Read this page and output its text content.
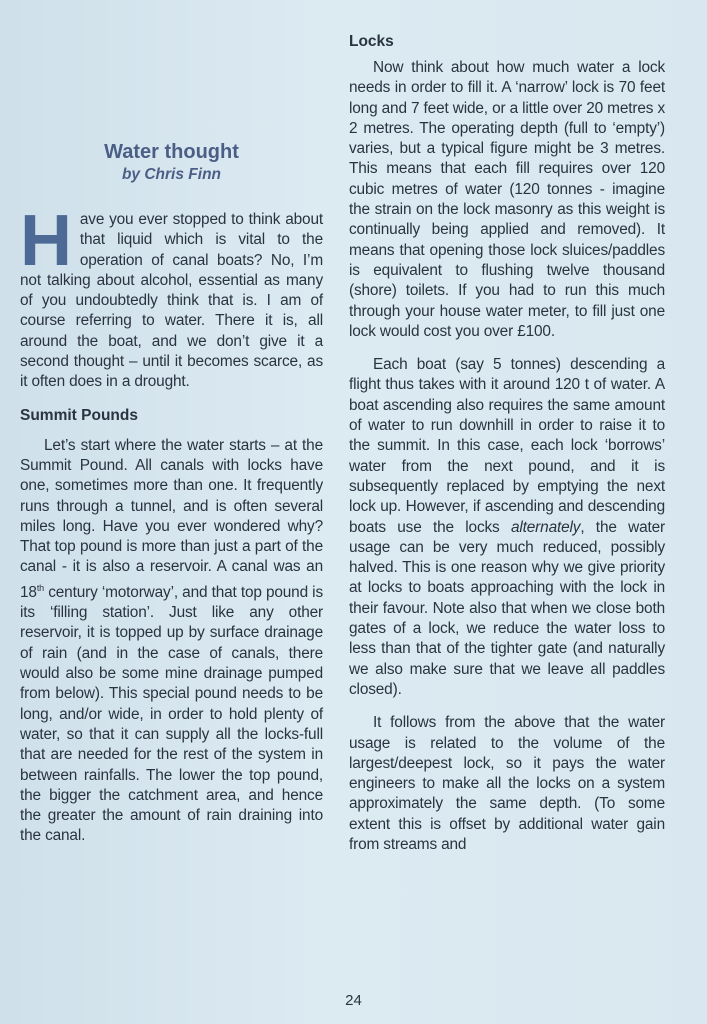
Water thought
by Chris Finn

Have you ever stopped to think about that liquid which is vital to the operation of canal boats? No, I’m not talking about alcohol, essential as many of you undoubtedly think that is. I am of course referring to water. There it is, all around the boat, and we don’t give it a second thought – until it becomes scarce, as it often does in a drought.

Summit Pounds

Let’s start where the water starts – at the Summit Pound. All canals with locks have one, sometimes more than one. It frequently runs through a tunnel, and is often several miles long. Have you ever wondered why? That top pound is more than just a part of the canal - it is also a reservoir. A canal was an 18th century ‘motorway’, and that top pound is its ‘filling station’. Just like any other reservoir, it is topped up by surface drainage of rain (and in the case of canals, there would also be some mine drainage pumped from below). This special pound needs to be long, and/or wide, in order to hold plenty of water, so that it can supply all the locks-full that are needed for the rest of the system in between rainfalls. The lower the top pound, the bigger the catchment area, and hence the greater the amount of rain draining into the canal.

Locks

Now think about how much water a lock needs in order to fill it. A ‘narrow’ lock is 70 feet long and 7 feet wide, or a little over 20 metres x 2 metres. The operating depth (full to ‘empty’) varies, but a typical figure might be 3 metres. This means that each fill requires over 120 cubic metres of water (120 tonnes - imagine the strain on the lock masonry as this weight is continually being applied and removed). It means that opening those lock sluices/paddles is equivalent to flushing twelve thousand (shore) toilets. If you had to run this much through your house water meter, to fill just one lock would cost you over £100.

Each boat (say 5 tonnes) descending a flight thus takes with it around 120 t of water. A boat ascending also requires the same amount of water to run downhill in order to raise it to the summit. In this case, each lock ‘borrows’ water from the next pound, and it is subsequently replaced by emptying the next lock up. However, if ascending and descending boats use the locks alternately, the water usage can be very much reduced, possibly halved. This is one reason why we give priority at locks to boats approaching with the lock in their favour. Note also that when we close both gates of a lock, we reduce the water loss to less than that of the tighter gate (and naturally we also make sure that we leave all paddles closed).

It follows from the above that the water usage is related to the volume of the largest/deepest lock, so it pays the water engineers to make all the locks on a system approximately the same depth. (To some extent this is offset by additional water gain from streams and

24
